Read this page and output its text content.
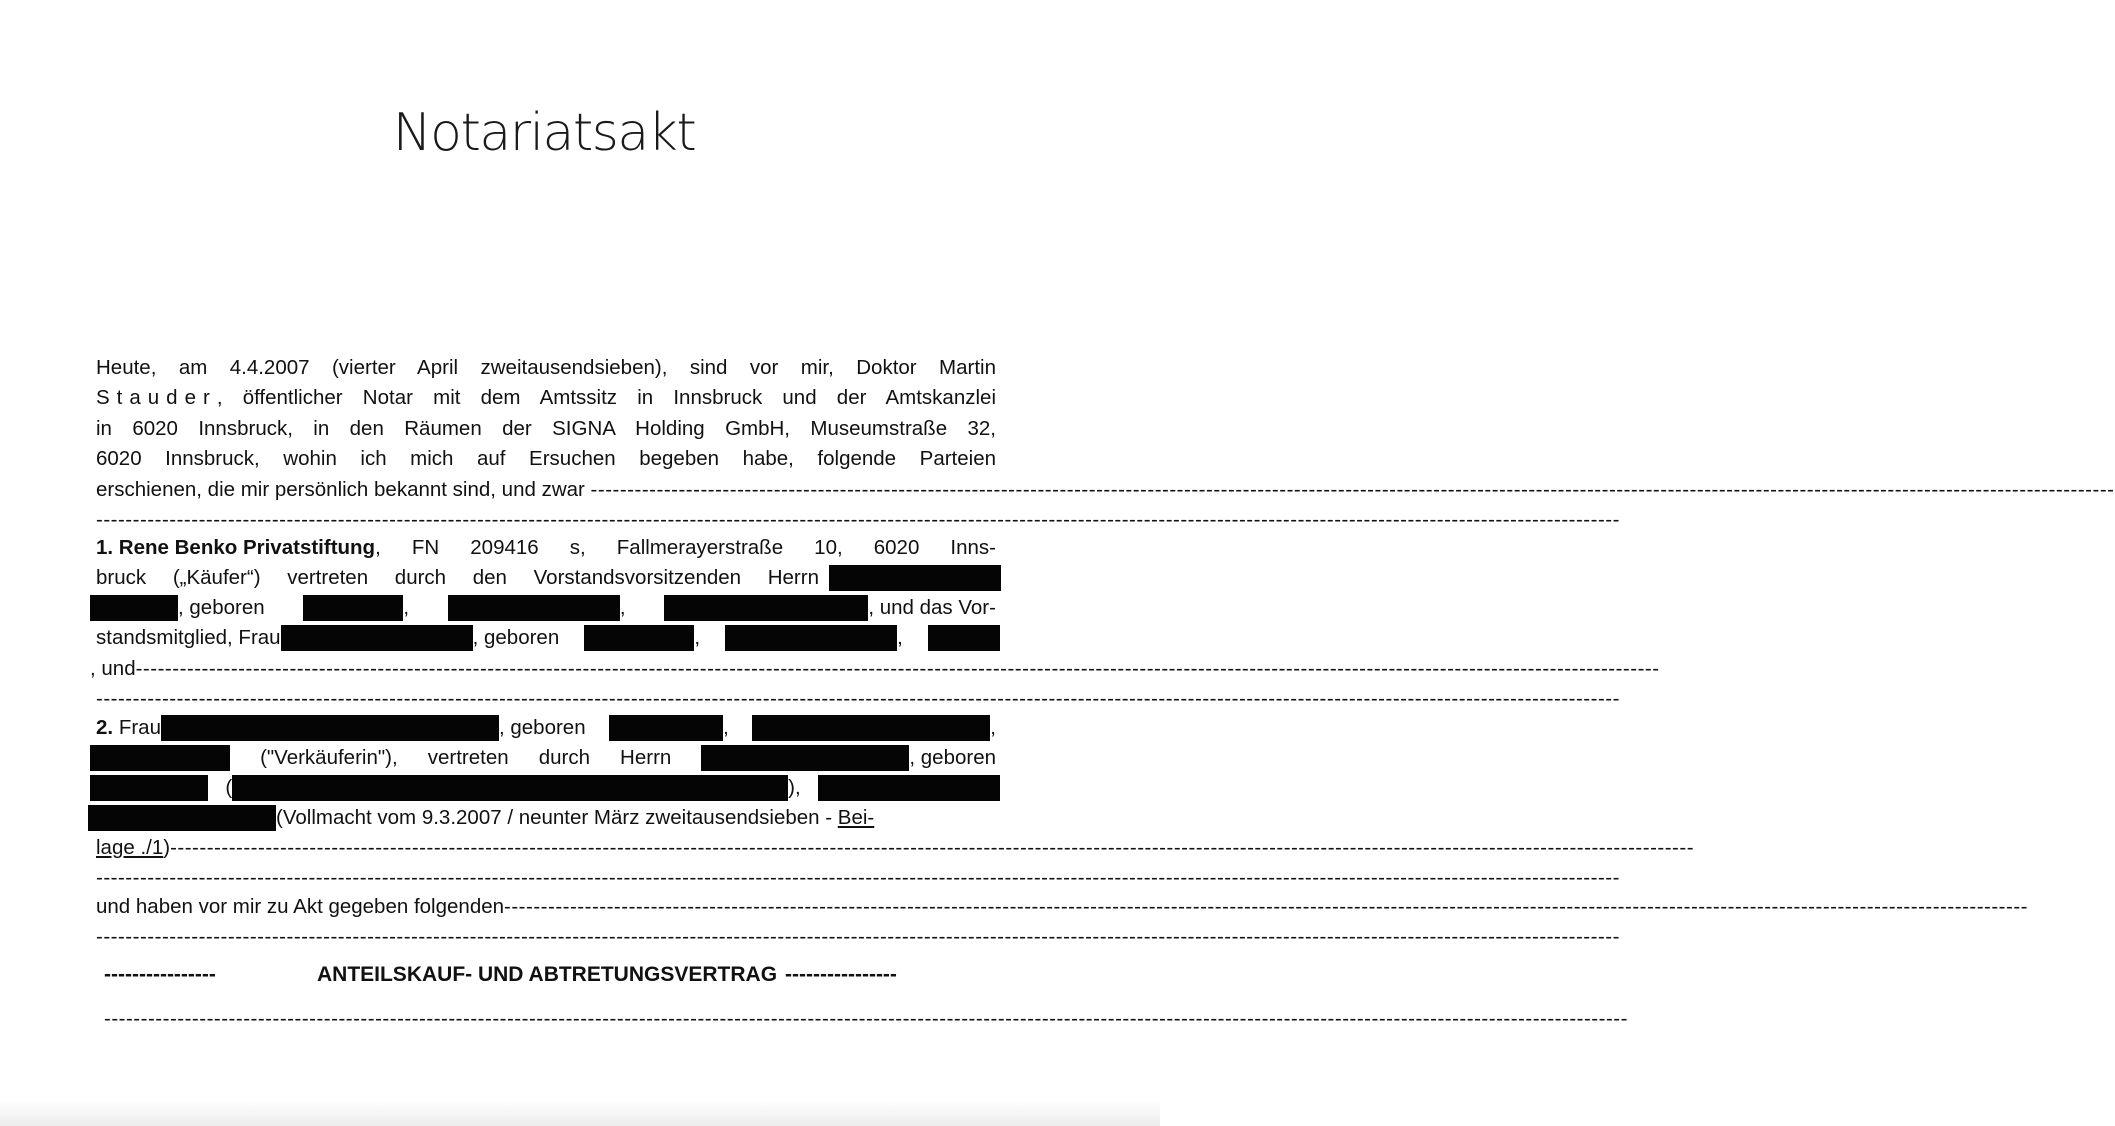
Notariatsakt
Heute, am 4.4.2007 (vierter April zweitausendsieben), sind vor mir, Doktor Martin
Stauder , öffentlicher Notar mit dem Amtssitz in Innsbruck und der Amtskanzlei
in 6020 Innsbruck, in den Räumen der SIGNA Holding GmbH, Museumstraße 32,
6020 Innsbruck, wohin ich mich auf Ersuchen begeben habe, folgende Parteien
erschienen, die mir persönlich bekannt sind, und zwar ----------------------------------------------------------------------------------------------------------------------------------------------------------------------------------------------------------------
----------------------------------------------------------------------------------------------------------------------------------------------------------------------------------------------------------------
1. Rene Benko Privatstiftung , FN 209416 s, Fallmerayerstraße 10, 6020 Inns-
bruck („Käufer“) vertreten durch den Vorstandsvorsitzenden Herrn
, geboren	,	,	, und das Vor-
standsmitglied, Frau	, geboren	,	,
, und ----------------------------------------------------------------------------------------------------------------------------------------------------------------------------------------------------------------
----------------------------------------------------------------------------------------------------------------------------------------------------------------------------------------------------------------
2.
Frau	, geboren	,	,
("Verkäuferin"), vertreten durch Herrn	, geboren
(	),
(Vollmacht vom 9.3.2007 / neunter März zweitausendsieben - Bei-
lage ./1 ) ----------------------------------------------------------------------------------------------------------------------------------------------------------------------------------------------------------------
----------------------------------------------------------------------------------------------------------------------------------------------------------------------------------------------------------------
und haben vor mir zu Akt gegeben folgenden ----------------------------------------------------------------------------------------------------------------------------------------------------------------------------------------------------------------
----------------------------------------------------------------------------------------------------------------------------------------------------------------------------------------------------------------
----------------	ANTEILSKAUF- UND ABTRETUNGSVERTRAG ----------------
----------------------------------------------------------------------------------------------------------------------------------------------------------------------------------------------------------------
